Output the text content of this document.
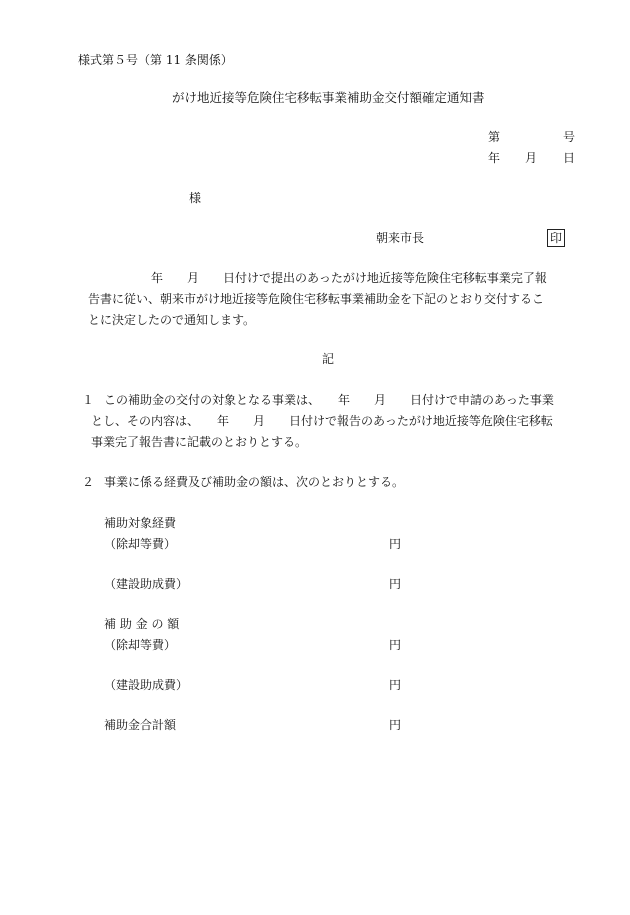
様式第５号（第 11 条関係）
がけ地近接等危険住宅移転事業補助金交付額確定通知書
第	号
年 月 日
様
朝来市長	印
年　　月　　日付けで提出のあったがけ地近接等危険住宅移転事業完了報
告書に従い、朝来市がけ地近接等危険住宅移転事業補助金を下記のとおり交付するこ
とに決定したので通知します。
記
１ この補助金の交付の対象となる事業は、　　年　　月　　日付けで申請のあった事業
とし、その内容は、　　年　　月　　日付けで報告のあったがけ地近接等危険住宅移転
事業完了報告書に記載のとおりとする。
２ 事業に係る経費及び補助金の額は、次のとおりとする。
補助対象経費
（除却等費）	円
（建設助成費）	円
補 助 金 の 額
（除却等費）	円
（建設助成費）	円
補助金合計額	円
